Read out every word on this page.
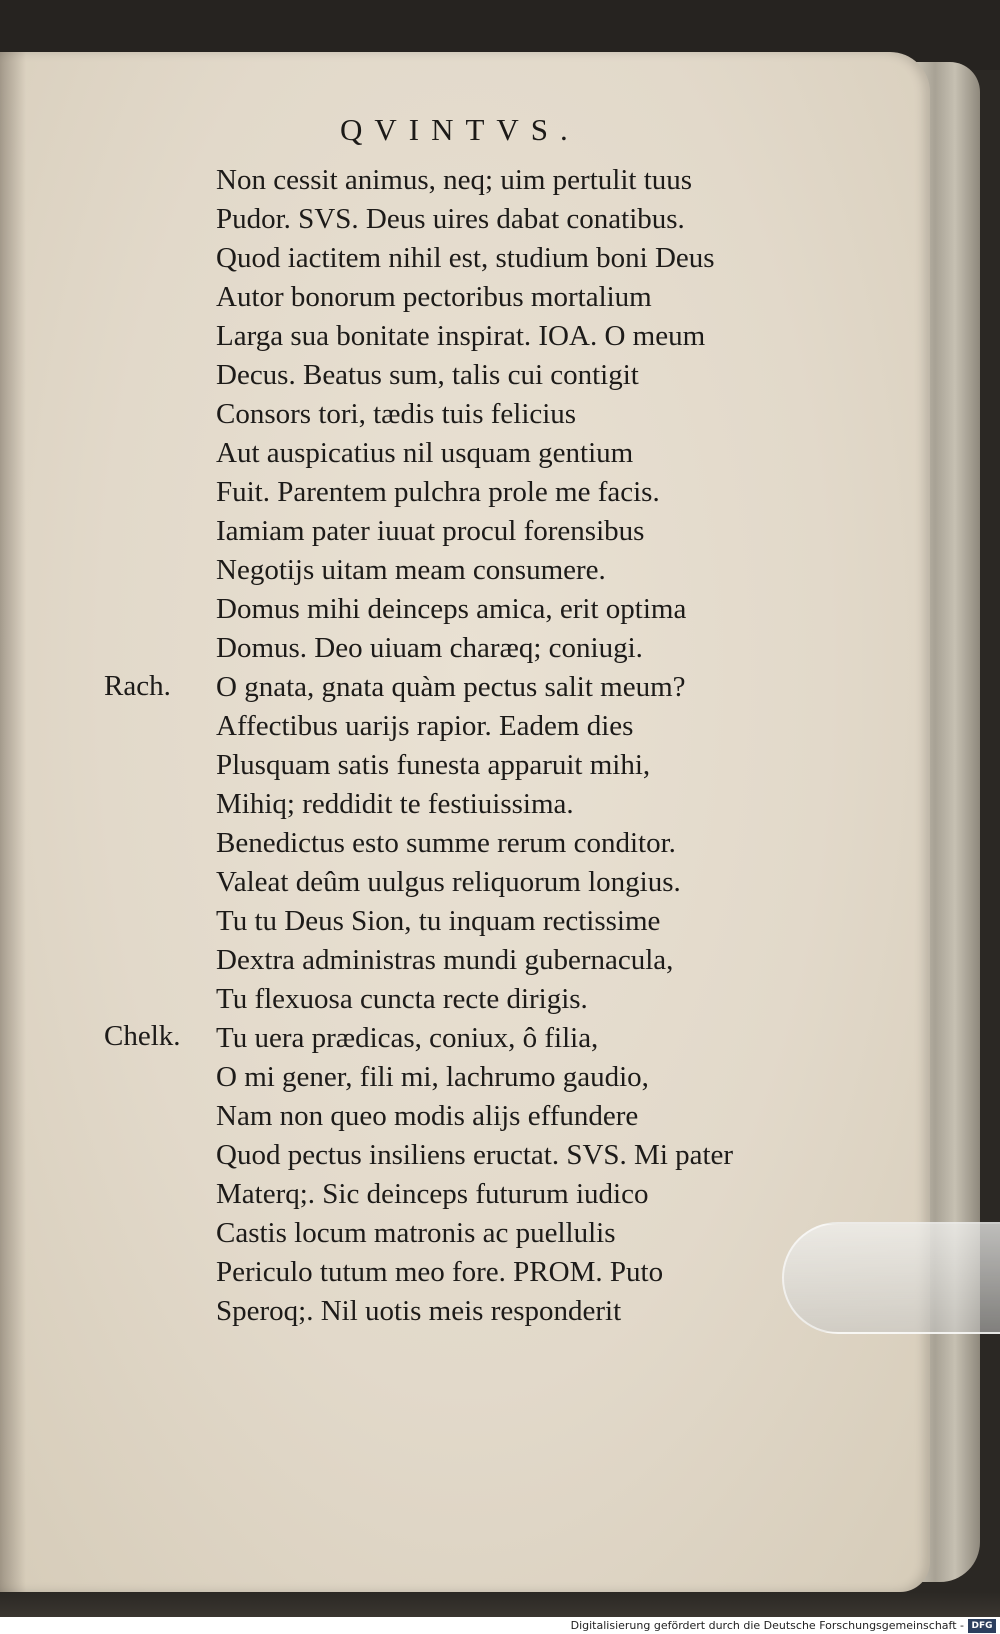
QVINTVS.
Non cessit animus, neq; uim pertulit tuus
Pudor. SVS. Deus uires dabat conatibus.
Quod iactitem nihil est, studium boni Deus
Autor bonorum pectoribus mortalium
Larga sua bonitate inspirat. IOA. O meum
Decus. Beatus sum, talis cui contigit
Consors tori, tædis tuis felicius
Aut auspicatius nil usquam gentium
Fuit. Parentem pulchra prole me facis.
Iamiam pater iuuat procul forensibus
Negotijs uitam meam consumere.
Domus mihi deinceps amica, erit optima
Domus. Deo uiuam charæq; coniugi.
O gnata, gnata quàm pectus salit meum?
Affectibus uarijs rapior. Eadem dies
Plusquam satis funesta apparuit mihi,
Mihiq; reddidit te festiuissima.
Benedictus esto summe rerum conditor.
Valeat deûm uulgus reliquorum longius.
Tu tu Deus Sion, tu inquam rectissime
Dextra administras mundi gubernacula,
Tu flexuosa cuncta recte dirigis.
Tu uera prædicas, coniux, ô filia,
O mi gener, fili mi, lachrumo gaudio,
Nam non queo modis alijs effundere
Quod pectus insiliens eructat. SVS. Mi pater
Materq;. Sic deinceps futurum iudico
Castis locum matronis ac puellulis
Periculo tutum meo fore. PROM. Puto
Speroq;. Nil uotis meis responderit
Rach.
Chelk.
Digitalisierung gefördert durch die Deutsche Forschungsgemeinschaft - DFG
